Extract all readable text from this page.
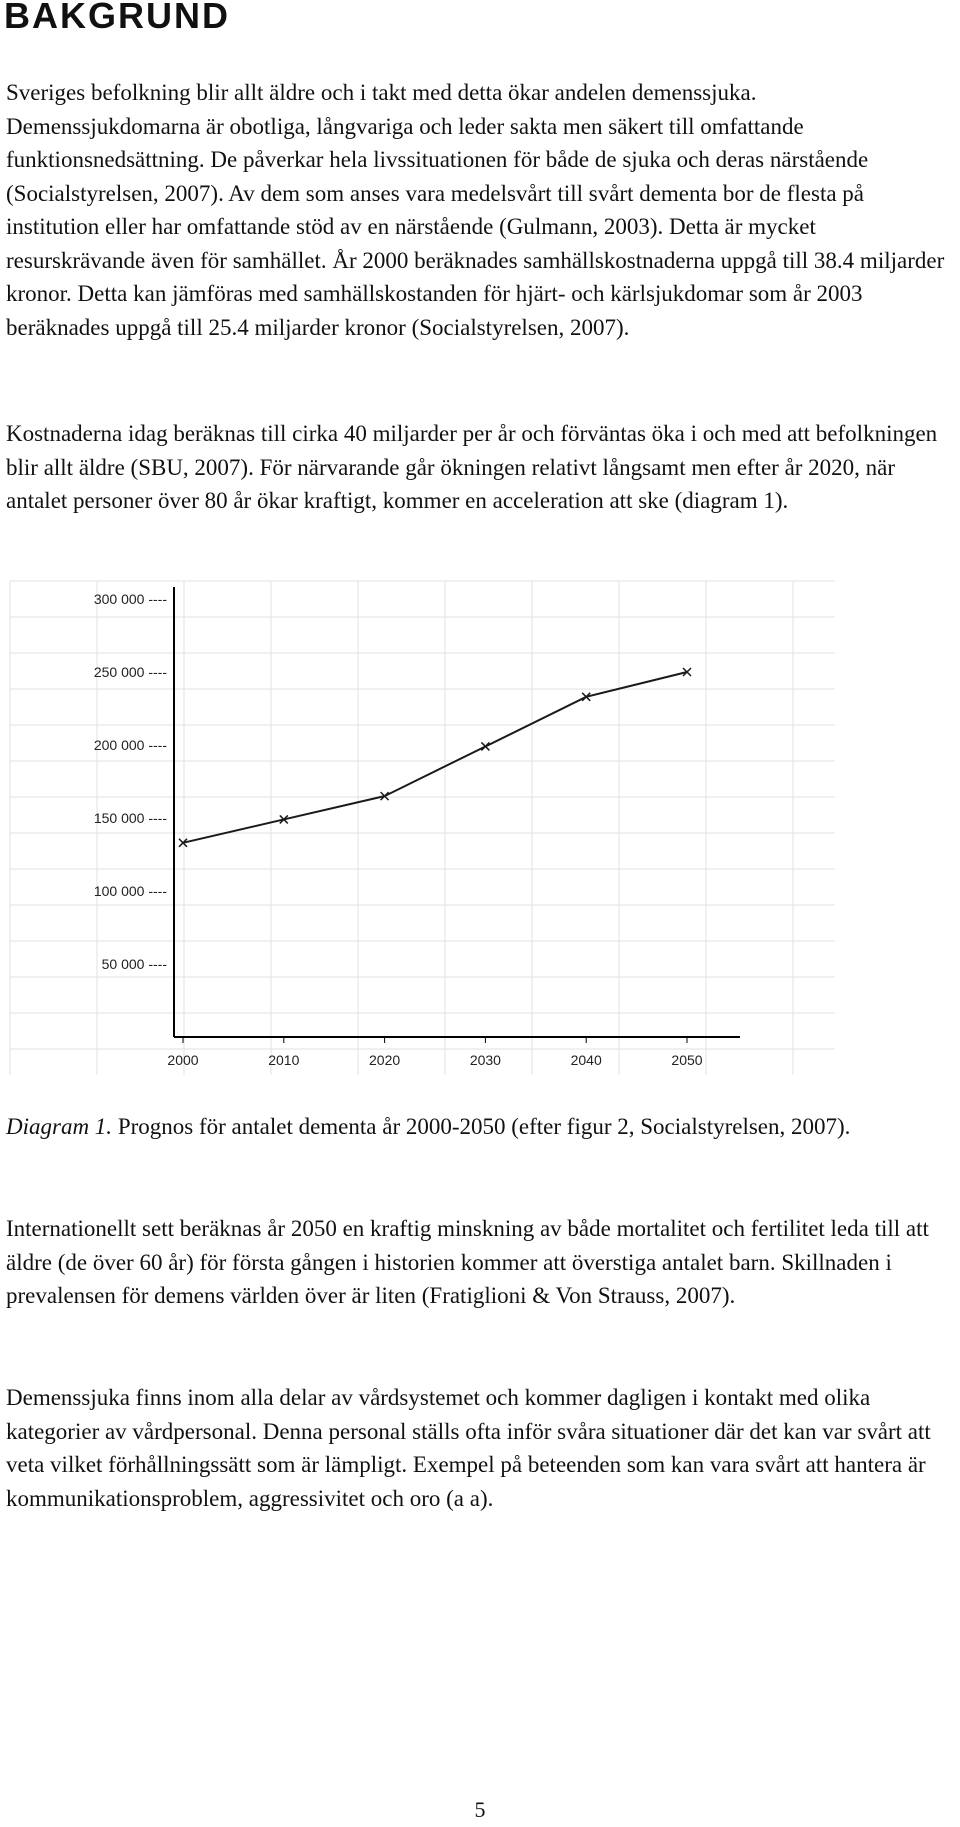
BAKGRUND

Sveriges befolkning blir allt äldre och i takt med detta ökar andelen demenssjuka. Demenssjukdomarna är obotliga, långvariga och leder sakta men säkert till omfattande funktionsnedsättning. De påverkar hela livssituationen för både de sjuka och deras närstående (Socialstyrelsen, 2007). Av dem som anses vara medelsvårt till svårt dementa bor de flesta på institution eller har omfattande stöd av en närstående (Gulmann, 2003). Detta är mycket resurskrävande även för samhället. År 2000 beräknades samhällskostnaderna uppgå till 38.4 miljarder kronor. Detta kan jämföras med samhällskostanden för hjärt- och kärlsjukdomar som år 2003 beräknades uppgå till 25.4 miljarder kronor (Socialstyrelsen, 2007).

Kostnaderna idag beräknas till cirka 40 miljarder per år och förväntas öka i och med att befolkningen blir allt äldre (SBU, 2007). För närvarande går ökningen relativt långsamt men efter år 2020, när antalet personer över 80 år ökar kraftigt, kommer en acceleration att ske (diagram 1).

50 000 ----
100 000 ----
150 000 ----
200 000 ----
250 000 ----
300 000 ----
2000	2010	2020	2030	2040	2050

Diagram 1. Prognos för antalet dementa år 2000-2050 (efter figur 2, Socialstyrelsen, 2007).

Internationellt sett beräknas år 2050 en kraftig minskning av både mortalitet och fertilitet leda till att äldre (de över 60 år) för första gången i historien kommer att överstiga antalet barn. Skillnaden i prevalensen för demens världen över är liten (Fratiglioni & Von Strauss, 2007).

Demenssjuka finns inom alla delar av vårdsystemet och kommer dagligen i kontakt med olika kategorier av vårdpersonal. Denna personal ställs ofta inför svåra situationer där det kan var svårt att veta vilket förhållningssätt som är lämpligt. Exempel på beteenden som kan vara svårt att hantera är kommunikationsproblem, aggressivitet och oro (a a).

5
